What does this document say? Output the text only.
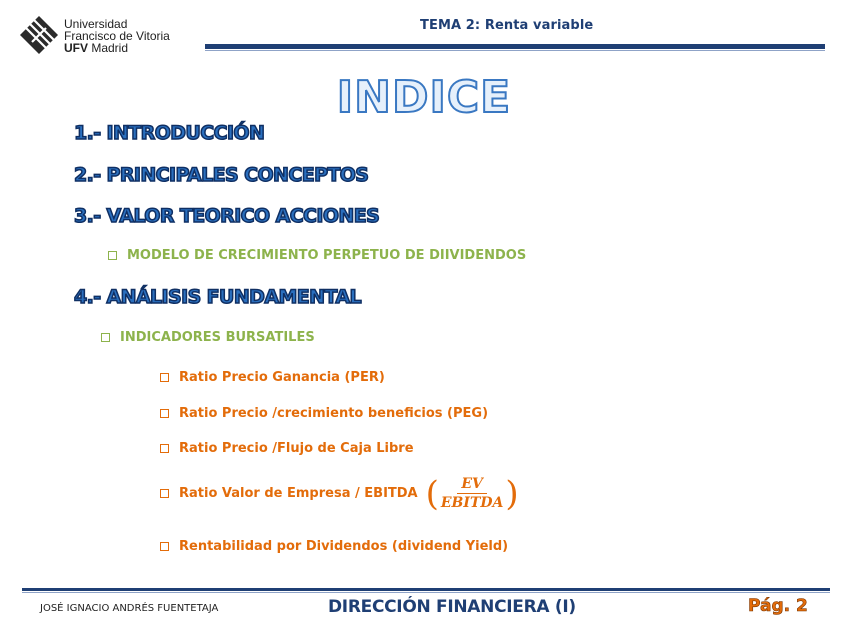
Universidad
Francisco de Vitoria
UFV Madrid
TEMA 2: Renta variable
INDICE
1.- INTRODUCCIÓN
2.- PRINCIPALES CONCEPTOS
3.- VALOR TEORICO ACCIONES
MODELO DE CRECIMIENTO PERPETUO DE DIIVIDENDOS
4.- ANÁLISIS FUNDAMENTAL
INDICADORES BURSATILES
Ratio Precio Ganancia (PER)
Ratio Precio /crecimiento beneficios (PEG)
Ratio Precio /Flujo de Caja Libre
Ratio Valor de Empresa / EBITDA ( $\frac{EV}{\text{EBITDA}}$ )
Rentabilidad por Dividendos (dividend Yield)
JOSÉ IGNACIO ANDRÉS FUENTETAJA	DIRECCIÓN FINANCIERA (I)	Pág. 2
